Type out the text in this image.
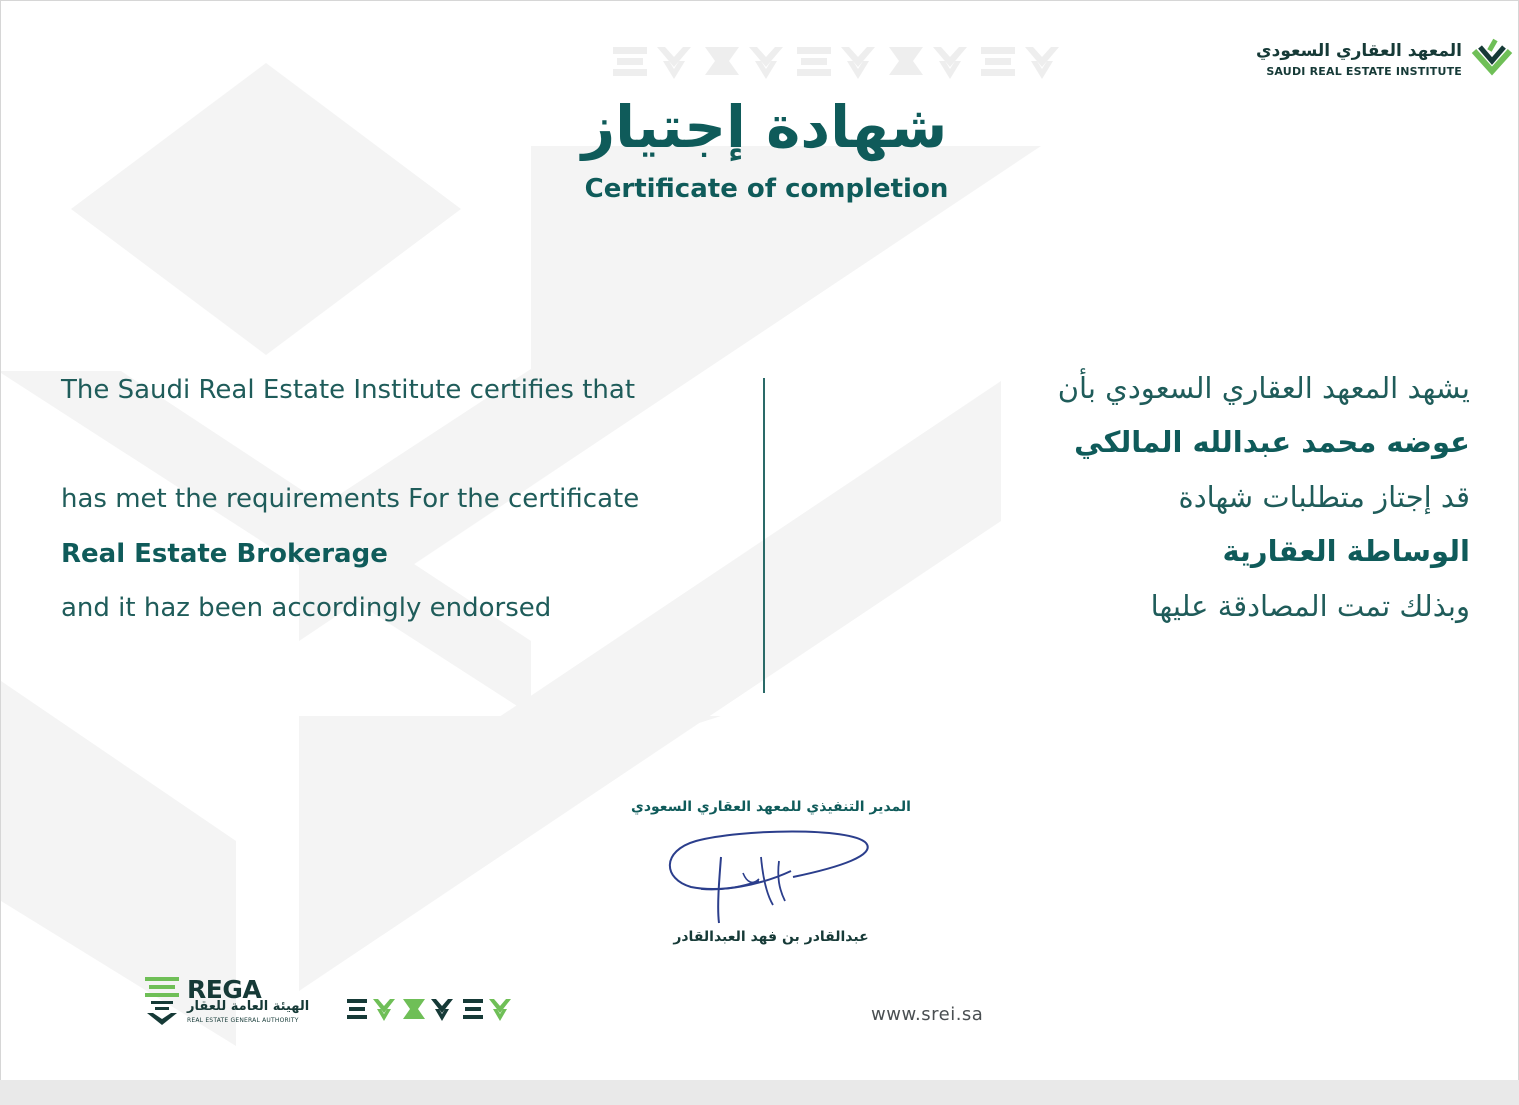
المعهد العقاري السعودي
SAUDI REAL ESTATE INSTITUTE
شهادة إجتياز
Certificate of completion
The Saudi Real Estate Institute certifies that
has met the requirements For the certificate
Real Estate Brokerage
and it haz been accordingly endorsed
يشهد المعهد العقاري السعودي بأن
عوضه محمد عبدالله المالكي
قد إجتاز متطلبات شهادة
الوساطة العقارية
وبذلك تمت المصادقة عليها
المدير التنفيذي للمعهد العقاري السعودي
عبدالقادر بن فهد العبدالقادر
REGA
الهيئة العامة للعقار
REAL ESTATE GENERAL AUTHORITY	www.srei.sa
